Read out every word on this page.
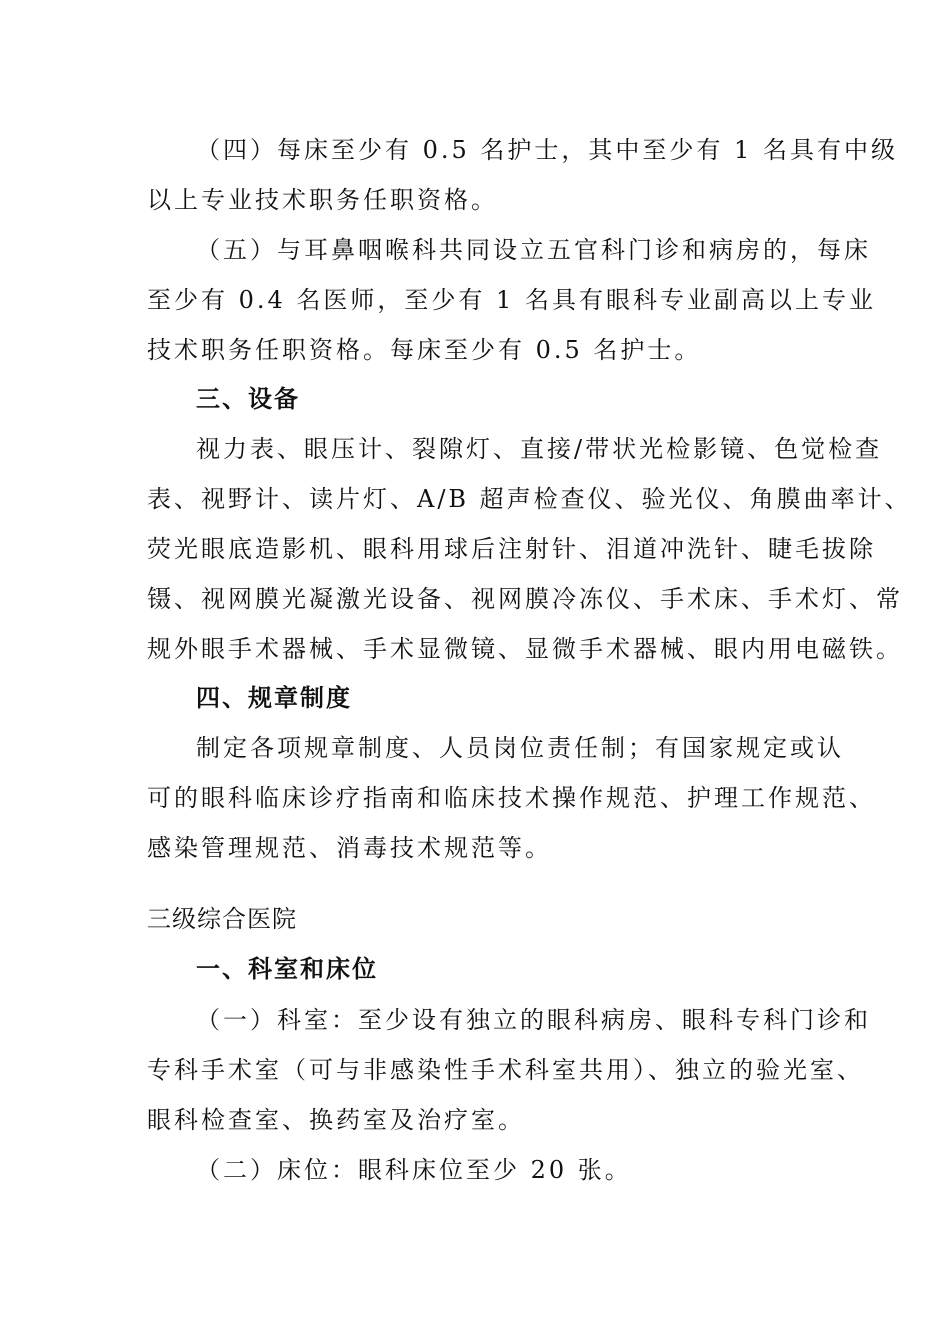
（四）每床至少有 0.5 名护士，其中至少有 1 名具有中级
以上专业技术职务任职资格。
（五）与耳鼻咽喉科共同设立五官科门诊和病房的，每床
至少有 0.4 名医师，至少有 1 名具有眼科专业副高以上专业
技术职务任职资格。每床至少有 0.5 名护士。
三、设备
视力表、眼压计、裂隙灯、直接/带状光检影镜、色觉检查
表、视野计、读片灯、A/B 超声检查仪、验光仪、角膜曲率计、
荧光眼底造影机、眼科用球后注射针、泪道冲洗针、睫毛拔除
镊、视网膜光凝激光设备、视网膜冷冻仪、手术床、手术灯、常
规外眼手术器械、手术显微镜、显微手术器械、眼内用电磁铁。
四、规章制度
制定各项规章制度、人员岗位责任制；有国家规定或认
可的眼科临床诊疗指南和临床技术操作规范、护理工作规范、
感染管理规范、消毒技术规范等。
三级综合医院
一、科室和床位
（一）科室：至少设有独立的眼科病房、眼科专科门诊和
专科手术室（可与非感染性手术科室共用）、独立的验光室、
眼科检查室、换药室及治疗室。
（二）床位：眼科床位至少 20 张。
